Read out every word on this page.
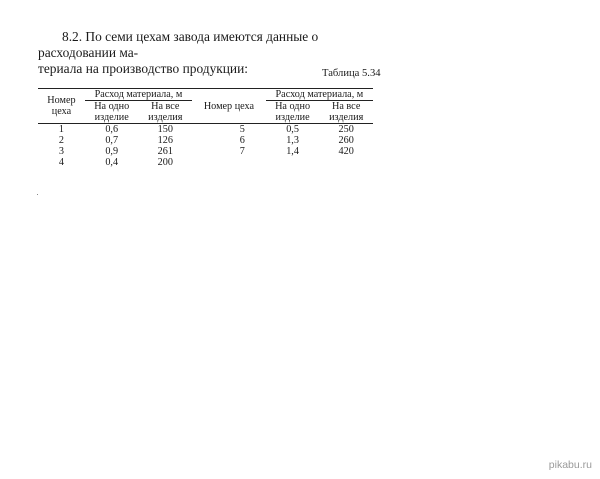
8.2. По семи цехам завода имеются данные о расходовании ма-
териала на производство продукции:	Таблица 5.34

Номер цеха	Расход материала, м		Номер цеха		Расход материала, м	
	На одно изделие	На все изделия			На одно изделие	На все изделия
1	0,6	150		5	0,5	250
2	0,7	126		6	1,3	260
3	0,9	261		7	1,4	420
4	0,4	200				
pikabu.ru
